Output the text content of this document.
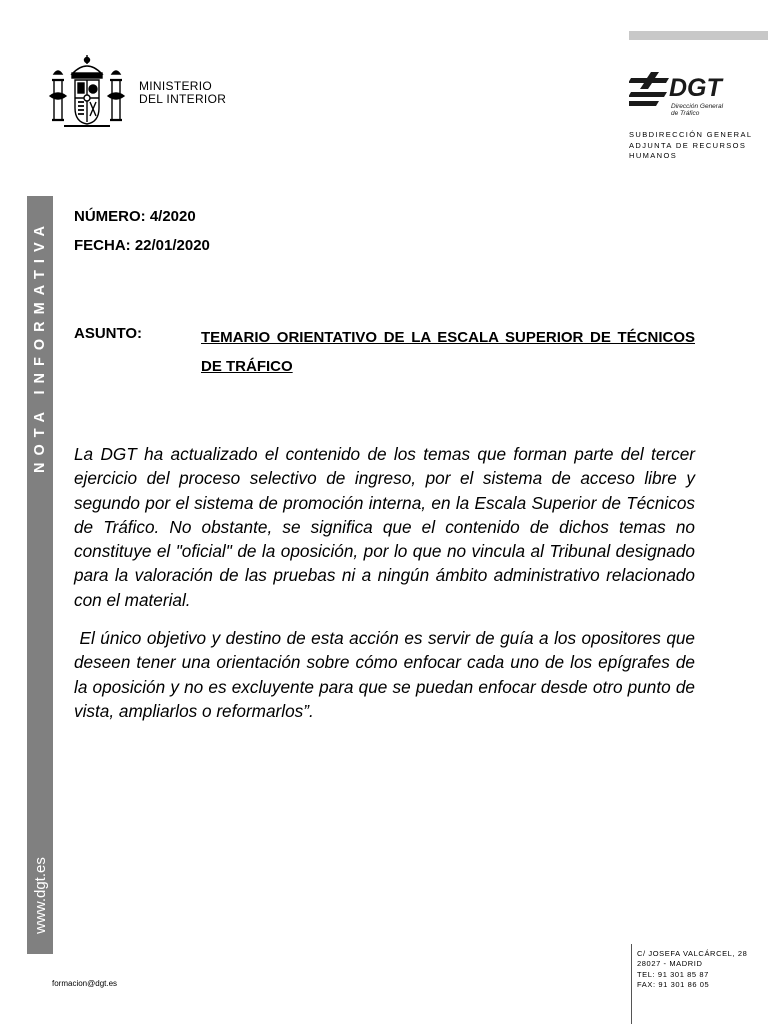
MINISTERIO
DEL INTERIOR	DGT
Dirección General
de Tráfico
SUBDIRECCIÓN GENERAL
ADJUNTA DE RECURSOS
HUMANOS
NOTA INFORMATIVA
www.dgt.es
NÚMERO: 4/2020
FECHA: 22/01/2020
ASUNTO:	TEMARIO ORIENTATIVO DE LA ESCALA SUPERIOR DE TÉCNICOS DE TRÁFICO
La DGT ha actualizado el contenido de los temas que forman parte del tercer ejercicio del proceso selectivo de ingreso, por el sistema de acceso libre y segundo por el sistema de promoción interna, en la Escala Superior de Técnicos de Tráfico. No obstante, se significa que el contenido de dichos temas no constituye el "oficial" de la oposición, por lo que no vincula al Tribunal designado para la valoración de las pruebas ni a ningún ámbito administrativo relacionado con el material.
El único objetivo y destino de esta acción es servir de guía a los opositores que deseen tener una orientación sobre cómo enfocar cada uno de los epígrafes de la oposición y no es excluyente para que se puedan enfocar desde otro punto de vista, ampliarlos o reformarlos”.
C/ JOSEFA VALCÁRCEL, 28
28027 - MADRID
TEL: 91 301 85 87
FAX: 91 301 86 05
formacion@dgt.es
